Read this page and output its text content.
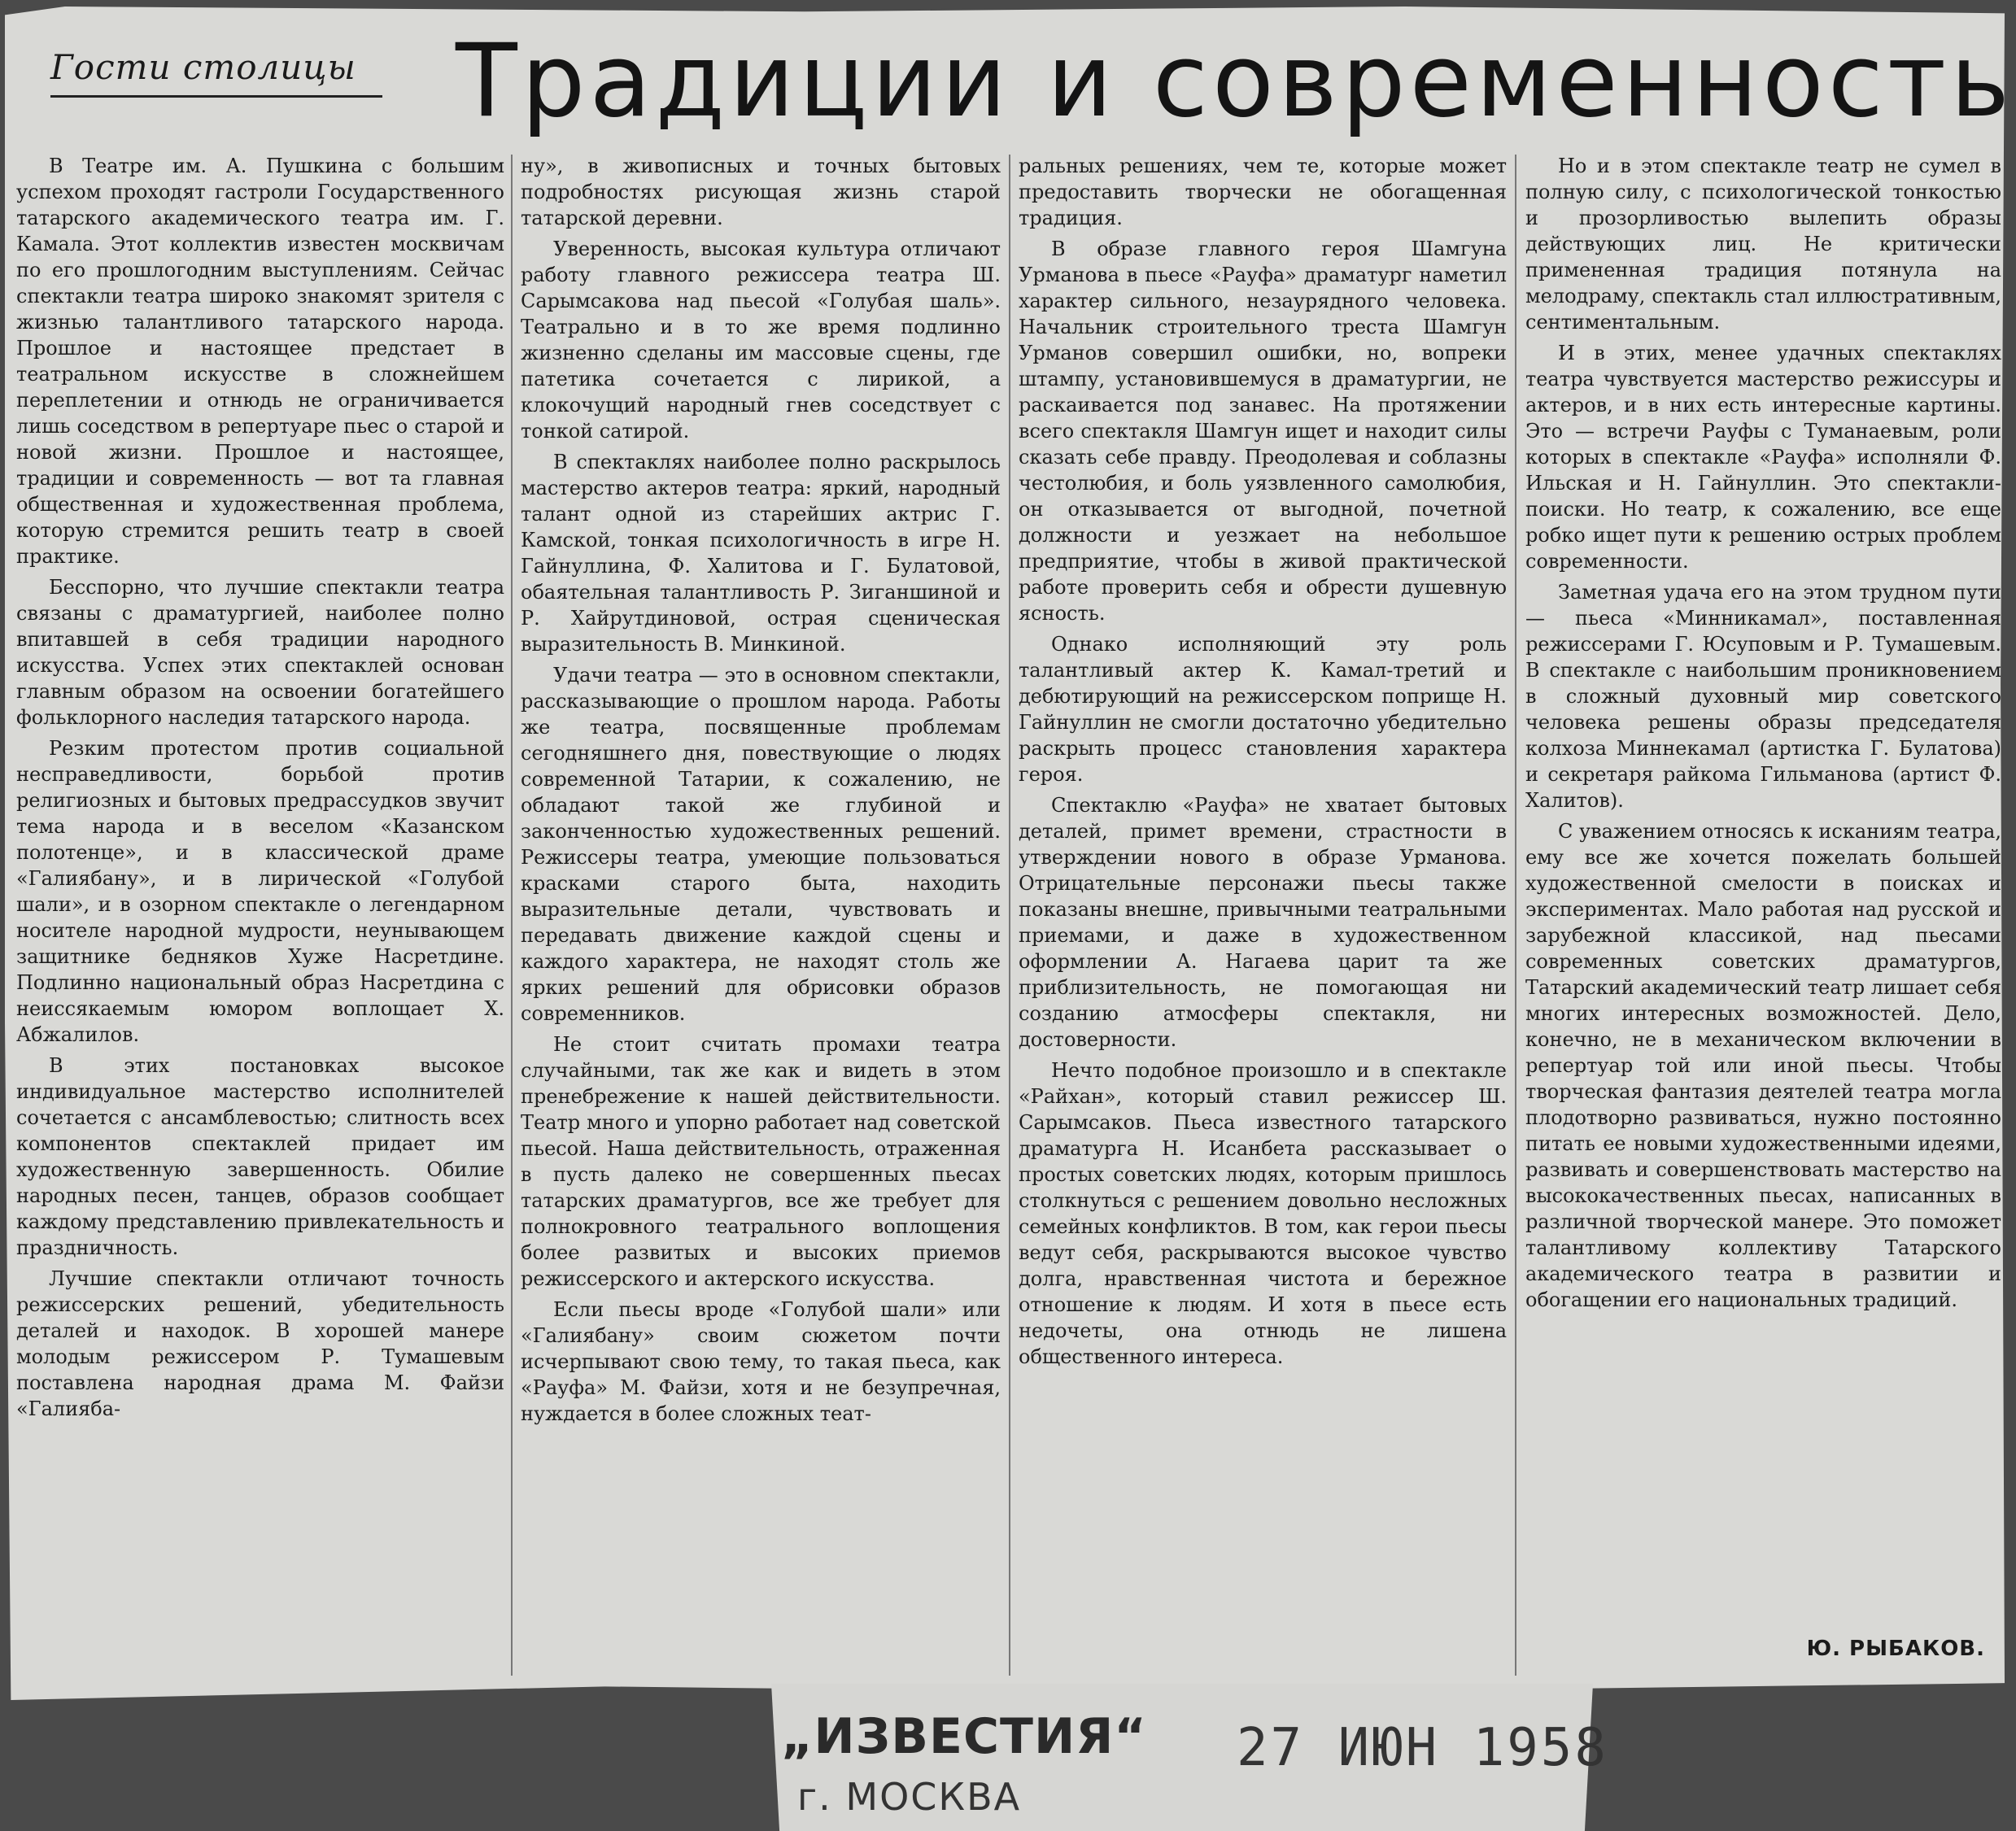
Гости столицы Традиции и современность

В Театре им. А. Пушкина с большим успехом проходят гастроли Государственного татарского академического театра им. Г. Камала. Этот коллектив известен москвичам по его прошлогодним выступлениям. Сейчас спектакли театра широко знакомят зрителя с жизнью талантливого татарского народа. Прошлое и настоящее предстает в театральном искусстве в сложнейшем переплетении и отнюдь не ограничивается лишь соседством в репертуаре пьес о старой и новой жизни. Прошлое и настоящее, традиции и современность — вот та главная общественная и художественная проблема, которую стремится решить театр в своей практике.

Бесспорно, что лучшие спектакли театра связаны с драматургией, наиболее полно впитавшей в себя традиции народного искусства. Успех этих спектаклей основан главным образом на освоении богатейшего фольклорного наследия татарского народа.

Резким протестом против социальной несправедливости, борьбой против религиозных и бытовых предрассудков звучит тема народа и в веселом «Казанском полотенце», и в классической драме «Галиябану», и в лирической «Голубой шали», и в озорном спектакле о легендарном носителе народной мудрости, неунывающем защитнике бедняков Хуже Насретдине. Подлинно национальный образ Насретдина с неиссякаемым юмором воплощает Х. Абжалилов.

В этих постановках высокое индивидуальное мастерство исполнителей сочетается с ансамблевостью; слитность всех компонентов спектаклей придает им художественную завершенность. Обилие народных песен, танцев, образов сообщает каждому представлению привлекательность и праздничность.

Лучшие спектакли отличают точность режиссерских решений, убедительность деталей и находок. В хорошей манере молодым режиссером Р. Тумашевым поставлена народная драма М. Файзи «Галияба-

ну», в живописных и точных бытовых подробностях рисующая жизнь старой татарской деревни.

Уверенность, высокая культура отличают работу главного режиссера театра Ш. Сарымсакова над пьесой «Голубая шаль». Театрально и в то же время подлинно жизненно сделаны им массовые сцены, где патетика сочетается с лирикой, а клокочущий народный гнев соседствует с тонкой сатирой.

В спектаклях наиболее полно раскрылось мастерство актеров театра: яркий, народный талант одной из старейших актрис Г. Камской, тонкая психологичность в игре Н. Гайнуллина, Ф. Халитова и Г. Булатовой, обаятельная талантливость Р. Зиганшиной и Р. Хайрутдиновой, острая сценическая выразительность В. Минкиной.

Удачи театра — это в основном спектакли, рассказывающие о прошлом народа. Работы же театра, посвященные проблемам сегодняшнего дня, повествующие о людях современной Татарии, к сожалению, не обладают такой же глубиной и законченностью художественных решений. Режиссеры театра, умеющие пользоваться красками старого быта, находить выразительные детали, чувствовать и передавать движение каждой сцены и каждого характера, не находят столь же ярких решений для обрисовки образов современников.

Не стоит считать промахи театра случайными, так же как и видеть в этом пренебрежение к нашей действительности. Театр много и упорно работает над советской пьесой. Наша действительность, отраженная в пусть далеко не совершенных пьесах татарских драматургов, все же требует для полнокровного театрального воплощения более развитых и высоких приемов режиссерского и актерского искусства.

Если пьесы вроде «Голубой шали» или «Галиябану» своим сюжетом почти исчерпывают свою тему, то такая пьеса, как «Рауфа» М. Файзи, хотя и не безупречная, нуждается в более сложных теат-

ральных решениях, чем те, которые может предоставить творчески не обогащенная традиция.

В образе главного героя Шамгуна Урманова в пьесе «Рауфа» драматург наметил характер сильного, незаурядного человека. Начальник строительного треста Шамгун Урманов совершил ошибки, но, вопреки штампу, установившемуся в драматургии, не раскаивается под занавес. На протяжении всего спектакля Шамгун ищет и находит силы сказать себе правду. Преодолевая и соблазны честолюбия, и боль уязвленного самолюбия, он отказывается от выгодной, почетной должности и уезжает на небольшое предприятие, чтобы в живой практической работе проверить себя и обрести душевную ясность.

Однако исполняющий эту роль талантливый актер К. Камал-третий и дебютирующий на режиссерском поприще Н. Гайнуллин не смогли достаточно убедительно раскрыть процесс становления характера героя.

Спектаклю «Рауфа» не хватает бытовых деталей, примет времени, страстности в утверждении нового в образе Урманова. Отрицательные персонажи пьесы также показаны внешне, привычными театральными приемами, и даже в художественном оформлении А. Нагаева царит та же приблизительность, не помогающая ни созданию атмосферы спектакля, ни достоверности.

Нечто подобное произошло и в спектакле «Райхан», который ставил режиссер Ш. Сарымсаков. Пьеса известного татарского драматурга Н. Исанбета рассказывает о простых советских людях, которым пришлось столкнуться с решением довольно несложных семейных конфликтов. В том, как герои пьесы ведут себя, раскрываются высокое чувство долга, нравственная чистота и бережное отношение к людям. И хотя в пьесе есть недочеты, она отнюдь не лишена общественного интереса.

Но и в этом спектакле театр не сумел в полную силу, с психологической тонкостью и прозорливостью вылепить образы действующих лиц. Не критически примененная традиция потянула на мелодраму, спектакль стал иллюстративным, сентиментальным.

И в этих, менее удачных спектаклях театра чувствуется мастерство режиссуры и актеров, и в них есть интересные картины. Это — встречи Рауфы с Туманаевым, роли которых в спектакле «Рауфа» исполняли Ф. Ильская и Н. Гайнуллин. Это спектакли-поиски. Но театр, к сожалению, все еще робко ищет пути к решению острых проблем современности.

Заметная удача его на этом трудном пути — пьеса «Минникамал», поставленная режиссерами Г. Юсуповым и Р. Тумашевым. В спектакле с наибольшим проникновением в сложный духовный мир советского человека решены образы председателя колхоза Миннекамал (артистка Г. Булатова) и секретаря райкома Гильманова (артист Ф. Халитов).

С уважением относясь к исканиям театра, ему все же хочется пожелать большей художественной смелости в поисках и экспериментах. Мало работая над русской и зарубежной классикой, над пьесами современных советских драматургов, Татарский академический театр лишает себя многих интересных возможностей. Дело, конечно, не в механическом включении в репертуар той или иной пьесы. Чтобы творческая фантазия деятелей театра могла плодотворно развиваться, нужно постоянно питать ее новыми художественными идеями, развивать и совершенствовать мастерство на высококачественных пьесах, написанных в различной творческой манере. Это поможет талантливому коллективу Татарского академического театра в развитии и обогащении его национальных традиций.

Ю. РЫБАКОВ.
„ИЗВЕСТИЯ“
г. МОСКВА
27 ИЮН 1958
